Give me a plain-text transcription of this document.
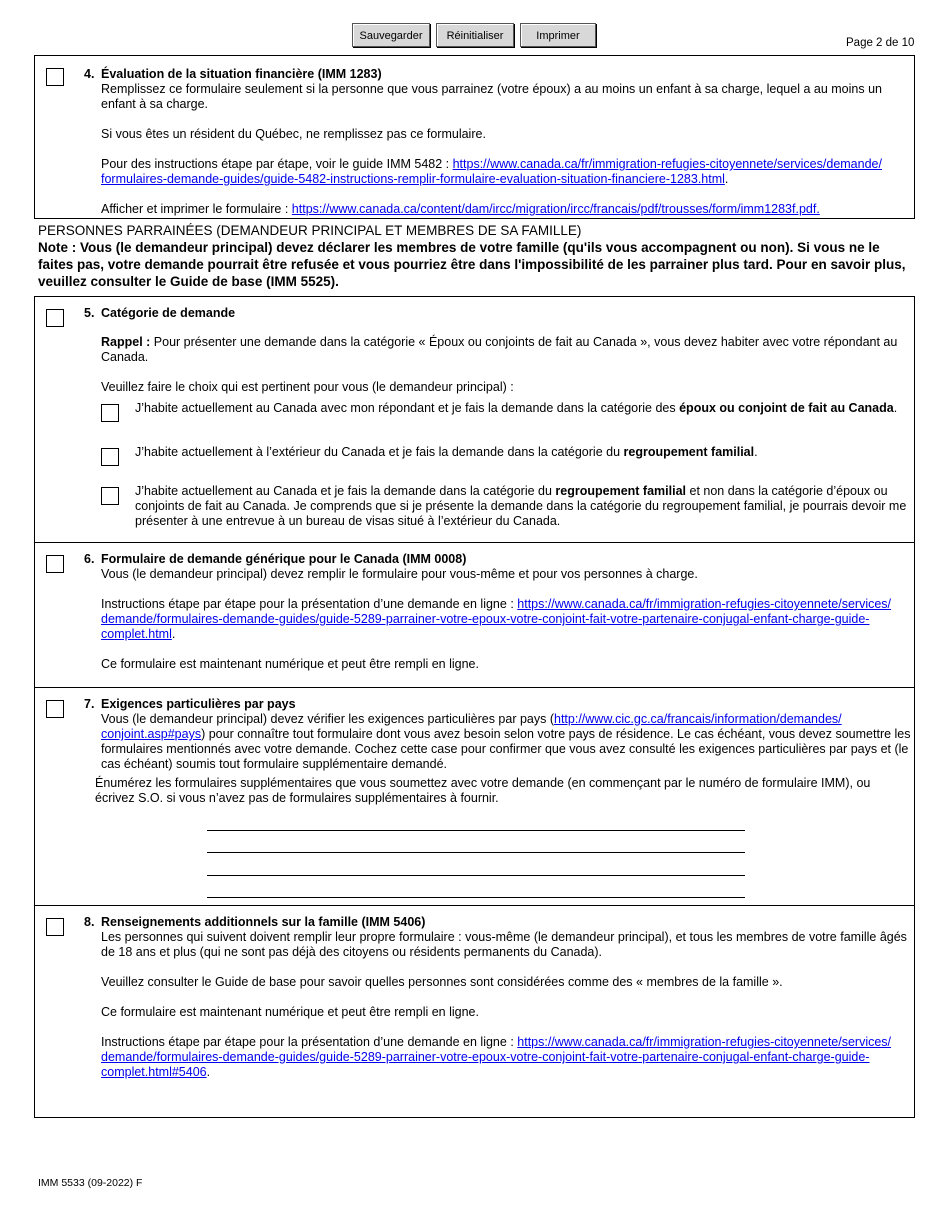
Sauvegarder	Réinitialiser	Imprimer
Page 2 de 10
4. Évaluation de la situation financière (IMM 1283)
Remplissez ce formulaire seulement si la personne que vous parrainez (votre époux) a au moins un enfant à sa charge, lequel a au moins un enfant à sa charge.
Si vous êtes un résident du Québec, ne remplissez pas ce formulaire.
Pour des instructions étape par étape, voir le guide IMM 5482 : https://www.canada.ca/fr/immigration-refugies-citoyennete/services/demande/
formulaires-demande-guides/guide-5482-instructions-remplir-formulaire-evaluation-situation-financiere-1283.html.
Afficher et imprimer le formulaire : https://www.canada.ca/content/dam/ircc/migration/ircc/francais/pdf/trousses/form/imm1283f.pdf.
PERSONNES PARRAINÉES (DEMANDEUR PRINCIPAL ET MEMBRES DE SA FAMILLE)
Note : Vous (le demandeur principal) devez déclarer les membres de votre famille (qu'ils vous accompagnent ou non). Si vous ne le faites pas, votre demande pourrait être refusée et vous pourriez être dans l'impossibilité de les parrainer plus tard. Pour en savoir plus, veuillez consulter le Guide de base (IMM 5525).
5. Catégorie de demande
Rappel : Pour présenter une demande dans la catégorie « Époux ou conjoints de fait au Canada », vous devez habiter avec votre répondant au Canada.
Veuillez faire le choix qui est pertinent pour vous (le demandeur principal) :
J’habite actuellement au Canada avec mon répondant et je fais la demande dans la catégorie des époux ou conjoint de fait au Canada.
J’habite actuellement à l’extérieur du Canada et je fais la demande dans la catégorie du regroupement familial.
J’habite actuellement au Canada et je fais la demande dans la catégorie du regroupement familial et non dans la catégorie d’époux ou conjoints de fait au Canada. Je comprends que si je présente la demande dans la catégorie du regroupement familial, je pourrais devoir me présenter à une entrevue à un bureau de visas situé à l’extérieur du Canada.
6. Formulaire de demande générique pour le Canada (IMM 0008)
Vous (le demandeur principal) devez remplir le formulaire pour vous-même et pour vos personnes à charge.
Instructions étape par étape pour la présentation d’une demande en ligne : https://www.canada.ca/fr/immigration-refugies-citoyennete/services/
demande/formulaires-demande-guides/guide-5289-parrainer-votre-epoux-votre-conjoint-fait-votre-partenaire-conjugal-enfant-charge-guide-
complet.html.
Ce formulaire est maintenant numérique et peut être rempli en ligne.
7. Exigences particulières par pays
Vous (le demandeur principal) devez vérifier les exigences particulières par pays (http://www.cic.gc.ca/francais/information/demandes/
conjoint.asp#pays) pour connaître tout formulaire dont vous avez besoin selon votre pays de résidence. Le cas échéant, vous devez soumettre les formulaires mentionnés avec votre demande. Cochez cette case pour confirmer que vous avez consulté les exigences particulières par pays et (le cas échéant) soumis tout formulaire supplémentaire demandé.
Énumérez les formulaires supplémentaires que vous soumettez avec votre demande (en commençant par le numéro de formulaire IMM), ou écrivez S.O. si vous n’avez pas de formulaires supplémentaires à fournir.
8. Renseignements additionnels sur la famille (IMM 5406)
Les personnes qui suivent doivent remplir leur propre formulaire : vous-même (le demandeur principal), et tous les membres de votre famille âgés de 18 ans et plus (qui ne sont pas déjà des citoyens ou résidents permanents du Canada).
Veuillez consulter le Guide de base pour savoir quelles personnes sont considérées comme des « membres de la famille ».
Ce formulaire est maintenant numérique et peut être rempli en ligne.
Instructions étape par étape pour la présentation d’une demande en ligne : https://www.canada.ca/fr/immigration-refugies-citoyennete/services/
demande/formulaires-demande-guides/guide-5289-parrainer-votre-epoux-votre-conjoint-fait-votre-partenaire-conjugal-enfant-charge-guide-
complet.html#5406.
IMM 5533 (09-2022) F
